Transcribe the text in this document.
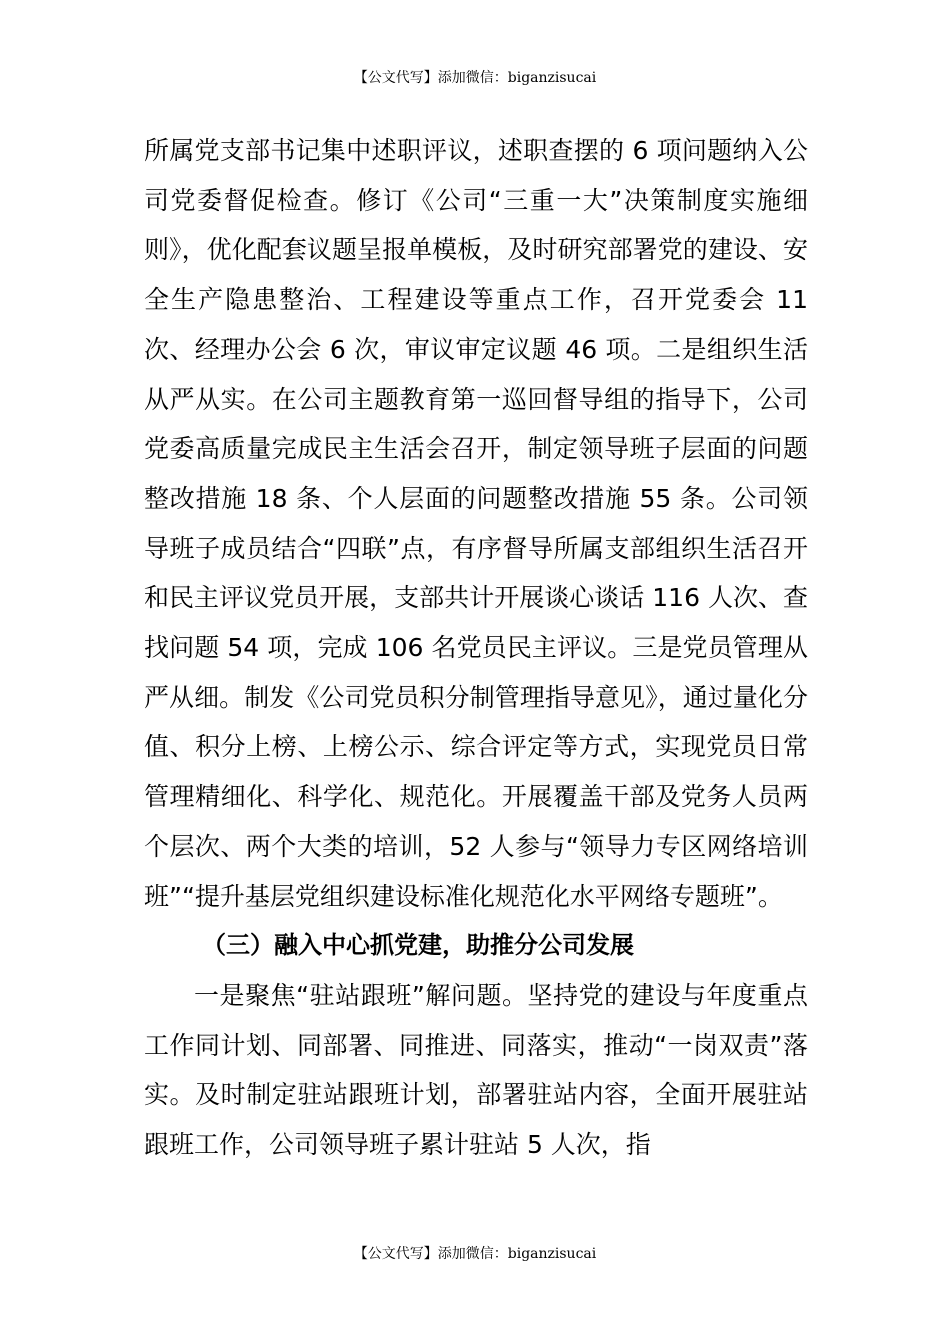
【公文代写】添加微信：biganzisucai

所属党支部书记集中述职评议，述职查摆的 6 项问题纳入公司党委督促检查。修订《公司“三重一大”决策制度实施细则》，优化配套议题呈报单模板，及时研究部署党的建设、安全生产隐患整治、工程建设等重点工作，召开党委会 11 次、经理办公会 6 次，审议审定议题 46 项。二是组织生活从严从实。在公司主题教育第一巡回督导组的指导下，公司党委高质量完成民主生活会召开，制定领导班子层面的问题整改措施 18 条、个人层面的问题整改措施 55 条。公司领导班子成员结合“四联”点，有序督导所属支部组织生活召开和民主评议党员开展，支部共计开展谈心谈话 116 人次、查找问题 54 项，完成 106 名党员民主评议。三是党员管理从严从细。制发《公司党员积分制管理指导意见》，通过量化分值、积分上榜、上榜公示、综合评定等方式，实现党员日常管理精细化、科学化、规范化。开展覆盖干部及党务人员两个层次、两个大类的培训，52 人参与“领导力专区网络培训班”“提升基层党组织建设标准化规范化水平网络专题班”。

（三）融入中心抓党建，助推分公司发展

一是聚焦“驻站跟班”解问题。坚持党的建设与年度重点工作同计划、同部署、同推进、同落实，推动“一岗双责”落实。及时制定驻站跟班计划，部署驻站内容，全面开展驻站跟班工作，公司领导班子累计驻站 5 人次，指

【公文代写】添加微信：biganzisucai
